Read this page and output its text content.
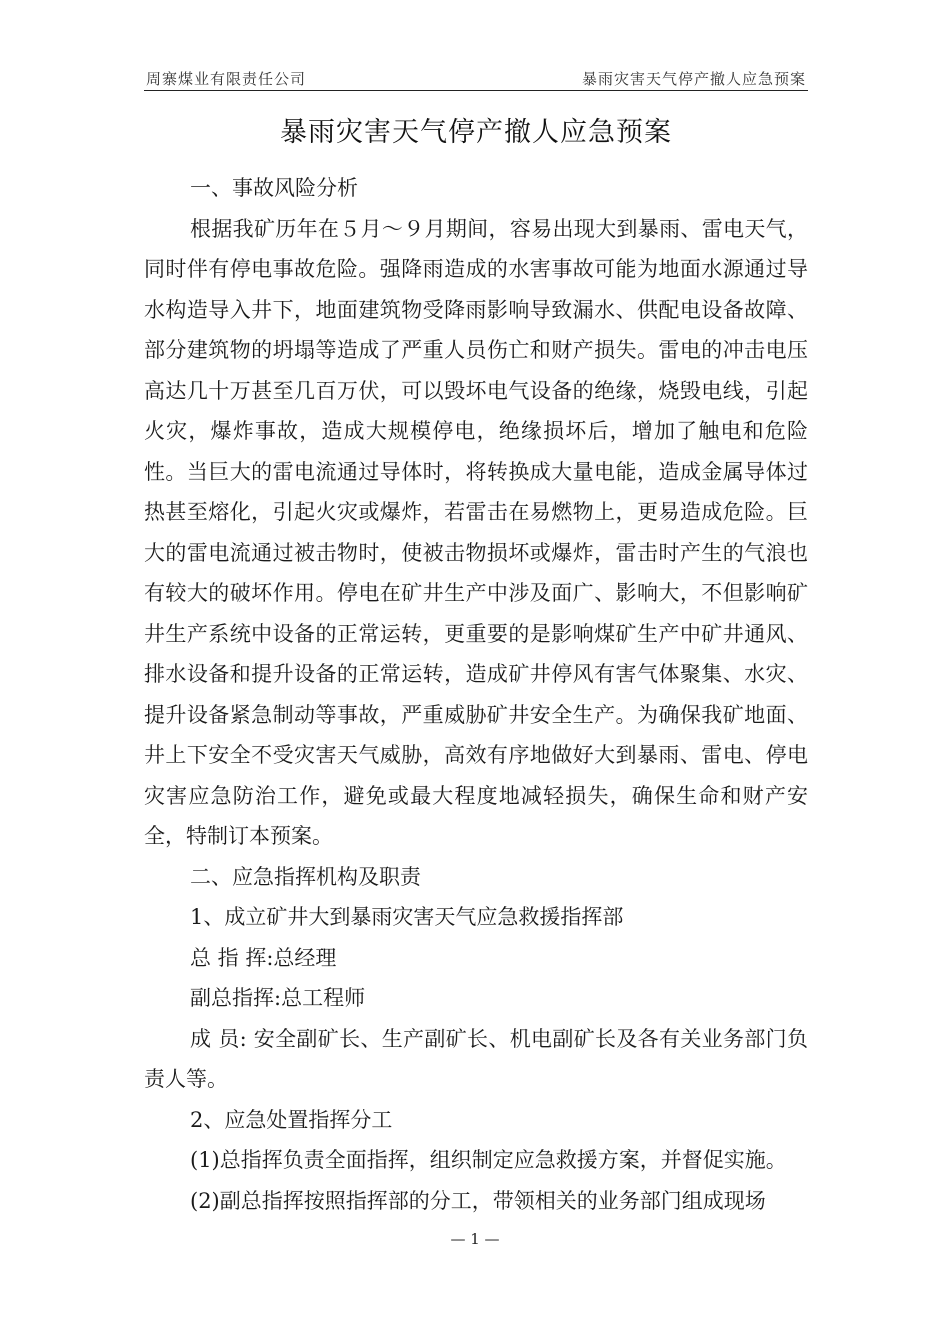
周寨煤业有限责任公司	暴雨灾害天气停产撤人应急预案
暴雨灾害天气停产撤人应急预案

一、事故风险分析

根据我矿历年在５月～９月期间，容易出现大到暴雨、雷电天气，同时伴有停电事故危险。强降雨造成的水害事故可能为地面水源通过导水构造导入井下，地面建筑物受降雨影响导致漏水、供配电设备故障、部分建筑物的坍塌等造成了严重人员伤亡和财产损失。雷电的冲击电压高达几十万甚至几百万伏，可以毁坏电气设备的绝缘，烧毁电线，引起火灾，爆炸事故，造成大规模停电，绝缘损坏后，增加了触电和危险性。当巨大的雷电流通过导体时，将转换成大量电能，造成金属导体过热甚至熔化，引起火灾或爆炸，若雷击在易燃物上，更易造成危险。巨大的雷电流通过被击物时，使被击物损坏或爆炸，雷击时产生的气浪也有较大的破坏作用。停电在矿井生产中涉及面广、影响大，不但影响矿井生产系统中设备的正常运转，更重要的是影响煤矿生产中矿井通风、排水设备和提升设备的正常运转，造成矿井停风有害气体聚集、水灾、提升设备紧急制动等事故，严重威胁矿井安全生产。为确保我矿地面、井上下安全不受灾害天气威胁，高效有序地做好大到暴雨、雷电、停电灾害应急防治工作，避免或最大程度地减轻损失，确保生命和财产安全，特制订本预案。

二、应急指挥机构及职责

1、成立矿井大到暴雨灾害天气应急救援指挥部

总 指 挥:总经理

副总指挥:总工程师

成 员: 安全副矿长、生产副矿长、机电副矿长及各有关业务部门负责人等。

2、应急处置指挥分工

(1)总指挥负责全面指挥，组织制定应急救援方案，并督促实施。

(2)副总指挥按照指挥部的分工，带领相关的业务部门组成现场

— 1 —
